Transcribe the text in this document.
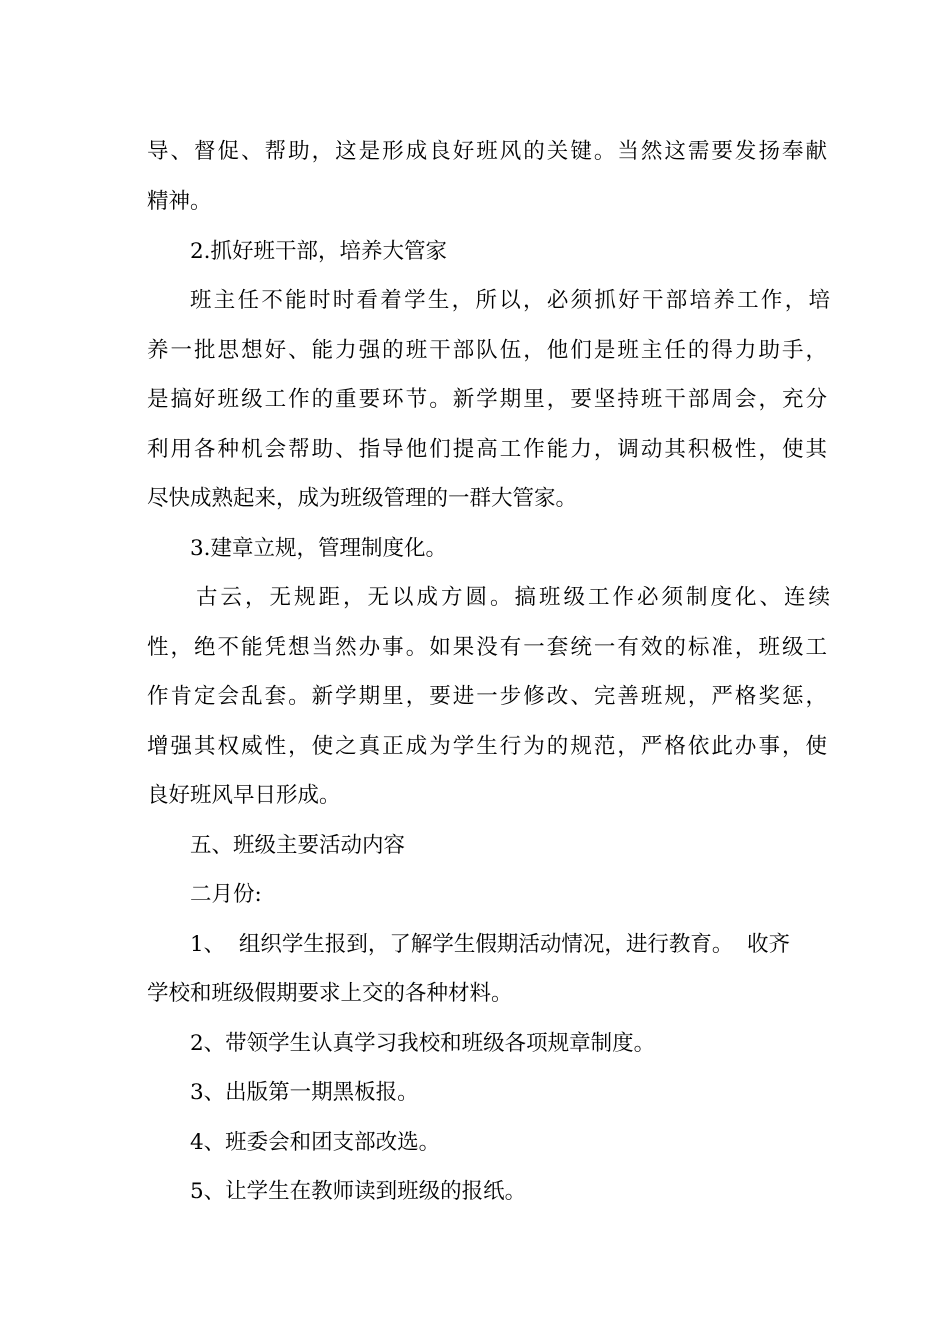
导、督促、帮助，这是形成良好班风的关键。当然这需要发扬奉献
精神。
2.抓好班干部，培养大管家
班主任不能时时看着学生，所以，必须抓好干部培养工作，培
养一批思想好、能力强的班干部队伍，他们是班主任的得力助手，
是搞好班级工作的重要环节。新学期里，要坚持班干部周会，充分
利用各种机会帮助、指导他们提高工作能力，调动其积极性，使其
尽快成熟起来，成为班级管理的一群大管家。
3.建章立规，管理制度化。
古云，无规距，无以成方圆。搞班级工作必须制度化、连续
性，绝不能凭想当然办事。如果没有一套统一有效的标准，班级工
作肯定会乱套。新学期里，要进一步修改、完善班规，严格奖惩，
增强其权威性，使之真正成为学生行为的规范，严格依此办事，使
良好班风早日形成。
五、班级主要活动内容
二月份:
1、  组织学生报到，了解学生假期活动情况，进行教育。  收齐
学校和班级假期要求上交的各种材料。
2、带领学生认真学习我校和班级各项规章制度。
3、出版第一期黑板报。
4、班委会和团支部改选。
5、让学生在教师读到班级的报纸。
